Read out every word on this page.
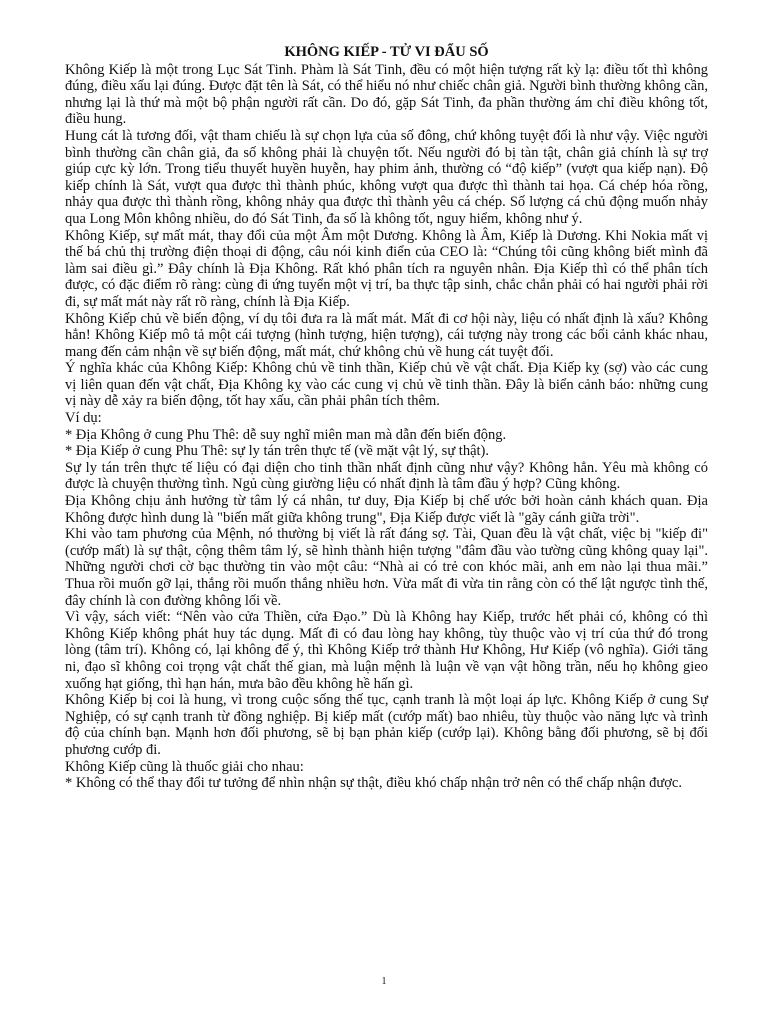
KHÔNG KIẾP - TỬ VI ĐẨU SỐ

Không Kiếp là một trong Lục Sát Tinh. Phàm là Sát Tinh, đều có một hiện tượng rất kỳ lạ: điều tốt thì không đúng, điều xấu lại đúng. Được đặt tên là Sát, có thể hiểu nó như chiếc chân giả. Người bình thường không cần, nhưng lại là thứ mà một bộ phận người rất cần. Do đó, gặp Sát Tinh, đa phần thường ám chỉ điều không tốt, điều hung.

Hung cát là tương đối, vật tham chiếu là sự chọn lựa của số đông, chứ không tuyệt đối là như vậy. Việc người bình thường cần chân giả, đa số không phải là chuyện tốt. Nếu người đó bị tàn tật, chân giả chính là sự trợ giúp cực kỳ lớn. Trong tiểu thuyết huyền huyễn, hay phim ảnh, thường có “độ kiếp” (vượt qua kiếp nạn). Độ kiếp chính là Sát, vượt qua được thì thành phúc, không vượt qua được thì thành tai họa. Cá chép hóa rồng, nhảy qua được thì thành rồng, không nhảy qua được thì thành yêu cá chép. Số lượng cá chủ động muốn nhảy qua Long Môn không nhiều, do đó Sát Tinh, đa số là không tốt, nguy hiểm, không như ý.

Không Kiếp, sự mất mát, thay đổi của một Âm một Dương. Không là Âm, Kiếp là Dương. Khi Nokia mất vị thế bá chủ thị trường điện thoại di động, câu nói kinh điển của CEO là: “Chúng tôi cũng không biết mình đã làm sai điều gì.” Đây chính là Địa Không. Rất khó phân tích ra nguyên nhân. Địa Kiếp thì có thể phân tích được, có đặc điểm rõ ràng: cùng đi ứng tuyển một vị trí, ba thực tập sinh, chắc chắn phải có hai người phải rời đi, sự mất mát này rất rõ ràng, chính là Địa Kiếp.

Không Kiếp chủ về biến động, ví dụ tôi đưa ra là mất mát. Mất đi cơ hội này, liệu có nhất định là xấu? Không hẳn! Không Kiếp mô tả một cái tượng (hình tượng, hiện tượng), cái tượng này trong các bối cảnh khác nhau, mang đến cảm nhận về sự biến động, mất mát, chứ không chủ về hung cát tuyệt đối.

Ý nghĩa khác của Không Kiếp: Không chủ về tinh thần, Kiếp chủ về vật chất. Địa Kiếp kỵ (sợ) vào các cung vị liên quan đến vật chất, Địa Không kỵ vào các cung vị chủ về tinh thần. Đây là biển cảnh báo: những cung vị này dễ xảy ra biến động, tốt hay xấu, cần phải phân tích thêm.

Ví dụ:

* Địa Không ở cung Phu Thê: dễ suy nghĩ miên man mà dẫn đến biến động.

* Địa Kiếp ở cung Phu Thê: sự ly tán trên thực tế (về mặt vật lý, sự thật).

Sự ly tán trên thực tế liệu có đại diện cho tinh thần nhất định cũng như vậy? Không hẳn. Yêu mà không có được là chuyện thường tình. Ngủ cùng giường liệu có nhất định là tâm đầu ý hợp? Cũng không.

Địa Không chịu ảnh hưởng từ tâm lý cá nhân, tư duy, Địa Kiếp bị chế ước bởi hoàn cảnh khách quan. Địa Không được hình dung là "biến mất giữa không trung", Địa Kiếp được viết là "gãy cánh giữa trời".

Khi vào tam phương của Mệnh, nó thường bị viết là rất đáng sợ. Tài, Quan đều là vật chất, việc bị "kiếp đi" (cướp mất) là sự thật, cộng thêm tâm lý, sẽ hình thành hiện tượng "đâm đầu vào tường cũng không quay lại". Những người chơi cờ bạc thường tin vào một câu: “Nhà ai có trẻ con khóc mãi, anh em nào lại thua mãi.” Thua rồi muốn gỡ lại, thắng rồi muốn thắng nhiều hơn. Vừa mất đi vừa tin rằng còn có thể lật ngược tình thế, đây chính là con đường không lối về.

Vì vậy, sách viết: “Nên vào cửa Thiền, cửa Đạo.” Dù là Không hay Kiếp, trước hết phải có, không có thì Không Kiếp không phát huy tác dụng. Mất đi có đau lòng hay không, tùy thuộc vào vị trí của thứ đó trong lòng (tâm trí). Không có, lại không để ý, thì Không Kiếp trở thành Hư Không, Hư Kiếp (vô nghĩa). Giới tăng ni, đạo sĩ không coi trọng vật chất thế gian, mà luận mệnh là luận về vạn vật hồng trần, nếu họ không gieo xuống hạt giống, thì hạn hán, mưa bão đều không hề hấn gì.

Không Kiếp bị coi là hung, vì trong cuộc sống thế tục, cạnh tranh là một loại áp lực. Không Kiếp ở cung Sự Nghiệp, có sự cạnh tranh từ đồng nghiệp. Bị kiếp mất (cướp mất) bao nhiêu, tùy thuộc vào năng lực và trình độ của chính bạn. Mạnh hơn đối phương, sẽ bị bạn phản kiếp (cướp lại). Không bằng đối phương, sẽ bị đối phương cướp đi.

Không Kiếp cũng là thuốc giải cho nhau:

* Không có thể thay đổi tư tưởng để nhìn nhận sự thật, điều khó chấp nhận trở nên có thể chấp nhận được.

1
